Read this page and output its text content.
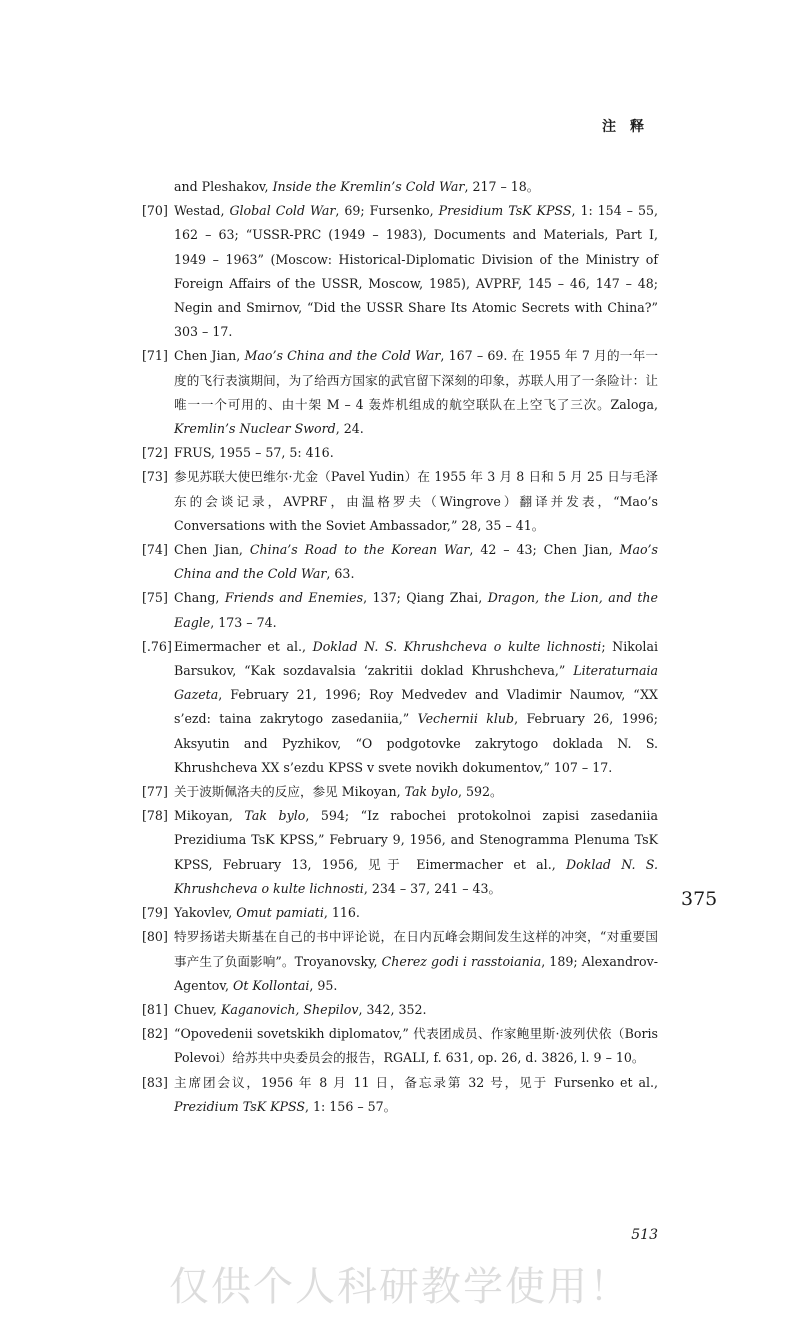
注释
and Pleshakov, Inside the Kremlin’s Cold War, 217 – 18。
[70] Westad, Global Cold War, 69; Fursenko, Presidium TsK KPSS, 1: 154 – 55, 162 – 63; “USSR-PRC (1949 – 1983), Documents and Materials, Part I, 1949 – 1963” (Moscow: Historical-Diplomatic Division of the Ministry of Foreign Affairs of the USSR, Moscow, 1985), AVPRF, 145 – 46, 147 – 48; Negin and Smirnov, “Did the USSR Share Its Atomic Secrets with China?” 303 – 17.
[71] Chen Jian, Mao’s China and the Cold War, 167 – 69. 在 1955 年 7 月的一年一度的飞行表演期间，为了给西方国家的武官留下深刻的印象，苏联人用了一条险计：让唯一一个可用的、由十架 M – 4 轰炸机组成的航空联队在上空飞了三次。Zaloga, Kremlin’s Nuclear Sword, 24.
[72] FRUS, 1955 – 57, 5: 416.
[73] 参见苏联大使巴维尔·尤金（Pavel Yudin）在 1955 年 3 月 8 日和 5 月 25 日与毛泽东的会谈记录，AVPRF，由温格罗夫（Wingrove）翻译并发表，“Mao’s Conversations with the Soviet Ambassador,” 28, 35 – 41。
[74] Chen Jian, China’s Road to the Korean War, 42 – 43; Chen Jian, Mao’s China and the Cold War, 63.
[75] Chang, Friends and Enemies, 137; Qiang Zhai, Dragon, the Lion, and the Eagle, 173 – 74.
[.76] Eimermacher et al., Doklad N. S. Khrushcheva o kulte lichnosti; Nikolai Barsukov, “Kak sozdavalsia ‘zakritii doklad Khrushcheva,” Literaturnaia Gazeta, February 21, 1996; Roy Medvedev and Vladimir Naumov, “XX s’ezd: taina zakrytogo zasedaniia,” Vechernii klub, February 26, 1996; Aksyutin and Pyzhikov, “O podgotovke zakrytogo doklada N. S. Khrushcheva XX s’ezdu KPSS v svete novikh dokumentov,” 107 – 17.
[77] 关于波斯佩洛夫的反应，参见 Mikoyan, Tak bylo, 592。
[78] Mikoyan, Tak bylo, 594; “Iz rabochei protokolnoi zapisi zasedaniia Prezidiuma TsK KPSS,” February 9, 1956, and Stenogramma Plenuma TsK KPSS, February 13, 1956, 见于 Eimermacher et al., Doklad N. S. Khrushcheva o kulte lichnosti, 234 – 37, 241 – 43。
[79] Yakovlev, Omut pamiati, 116.
[80] 特罗扬诺夫斯基在自己的书中评论说，在日内瓦峰会期间发生这样的冲突，“对重要国事产生了负面影响”。Troyanovsky, Cherez godi i rasstoiania, 189; Alexandrov-Agentov, Ot Kollontai, 95.
[81] Chuev, Kaganovich, Shepilov, 342, 352.
[82] “Opovedenii sovetskikh diplomatov,” 代表团成员、作家鲍里斯·波列伏依（Boris Polevoi）给苏共中央委员会的报告，RGALI, f. 631, op. 26, d. 3826, l. 9 – 10。
[83] 主席团会议，1956 年 8 月 11 日，备忘录第 32 号，见于 Fursenko et al., Prezidium TsK KPSS, 1: 156 – 57。
375
513
仅供个人科研教学使用！
